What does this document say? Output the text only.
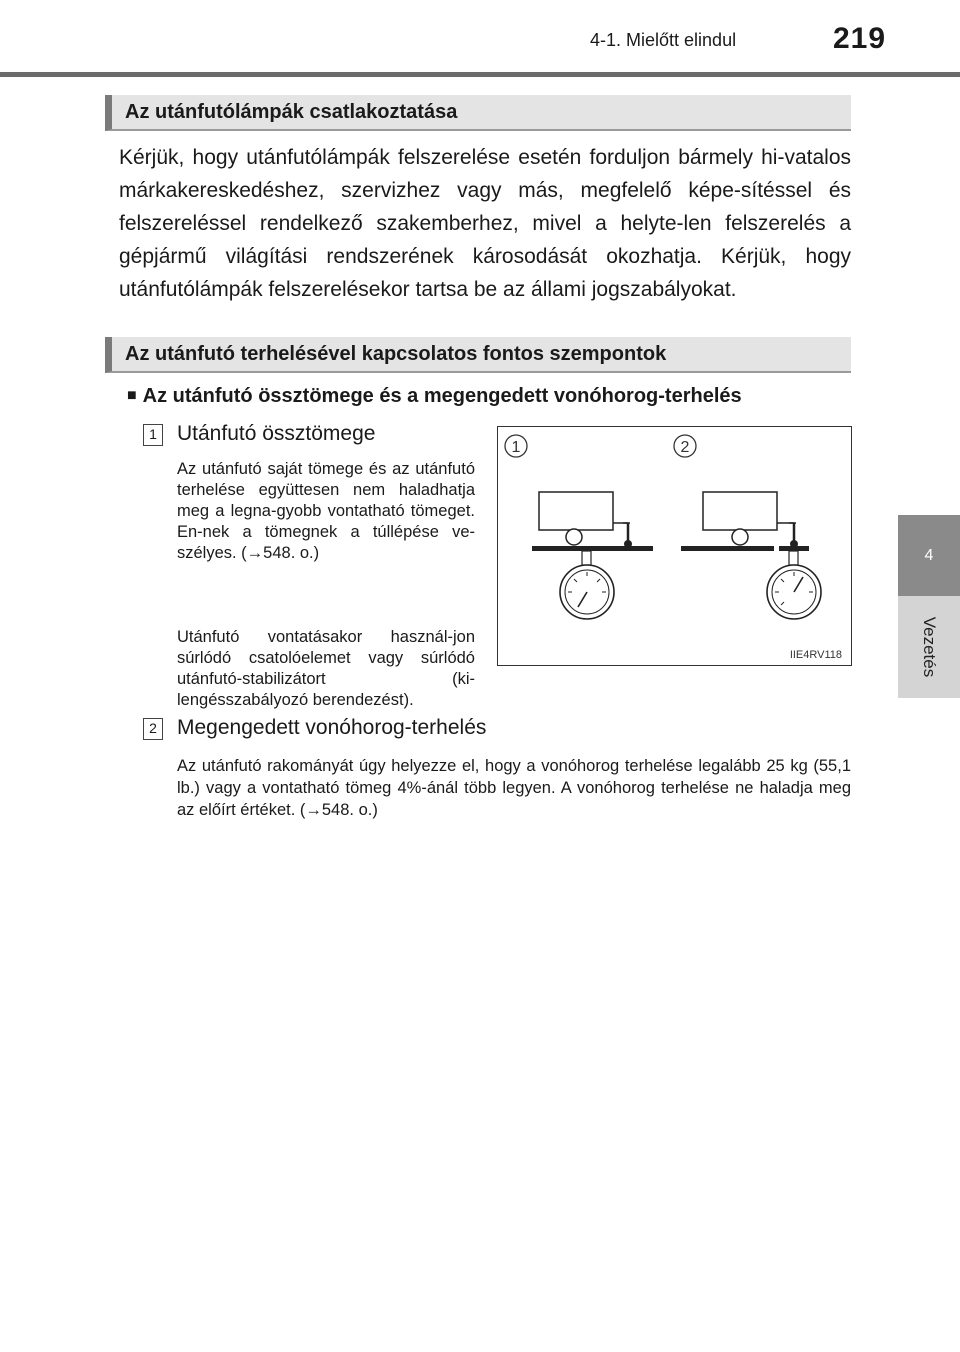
4-1. Mielőtt elindul	219
4
Vezetés
Az utánfutólámpák csatlakoztatása
Kérjük, hogy utánfutólámpák felszerelése esetén forduljon bármely hi-vatalos márkakereskedéshez, szervizhez vagy más, megfelelő képe-sítéssel és felszereléssel rendelkező szakemberhez, mivel a helyte-len felszerelés a gépjármű világítási rendszerének károsodását okozhatja. Kérjük, hogy utánfutólámpák felszerelésekor tartsa be az állami jogszabályokat.
Az utánfutó terhelésével kapcsolatos fontos szempontok
■ Az utánfutó össztömege és a megengedett vonóhorog-terhelés
1 Utánfutó össztömege
Az utánfutó saját tömege és az utánfutó terhelése együttesen nem haladhatja meg a legna-gyobb vontatható tömeget. En-nek a tömegnek a túllépése ve-szélyes. (→548. o.)
Utánfutó vontatásakor használ-jon súrlódó csatolóelemet vagy súrlódó utánfutó-stabilizátort (ki-lengésszabályozó berendezést).
1	2
IIE4RV118
2 Megengedett vonóhorog-terhelés
Az utánfutó rakományát úgy helyezze el, hogy a vonóhorog terhelése legalább 25 kg (55,1 lb.) vagy a vontatható tömeg 4%-ánál több legyen. A vonóhorog terhelése ne haladja meg az előírt értéket. (→548. o.)
